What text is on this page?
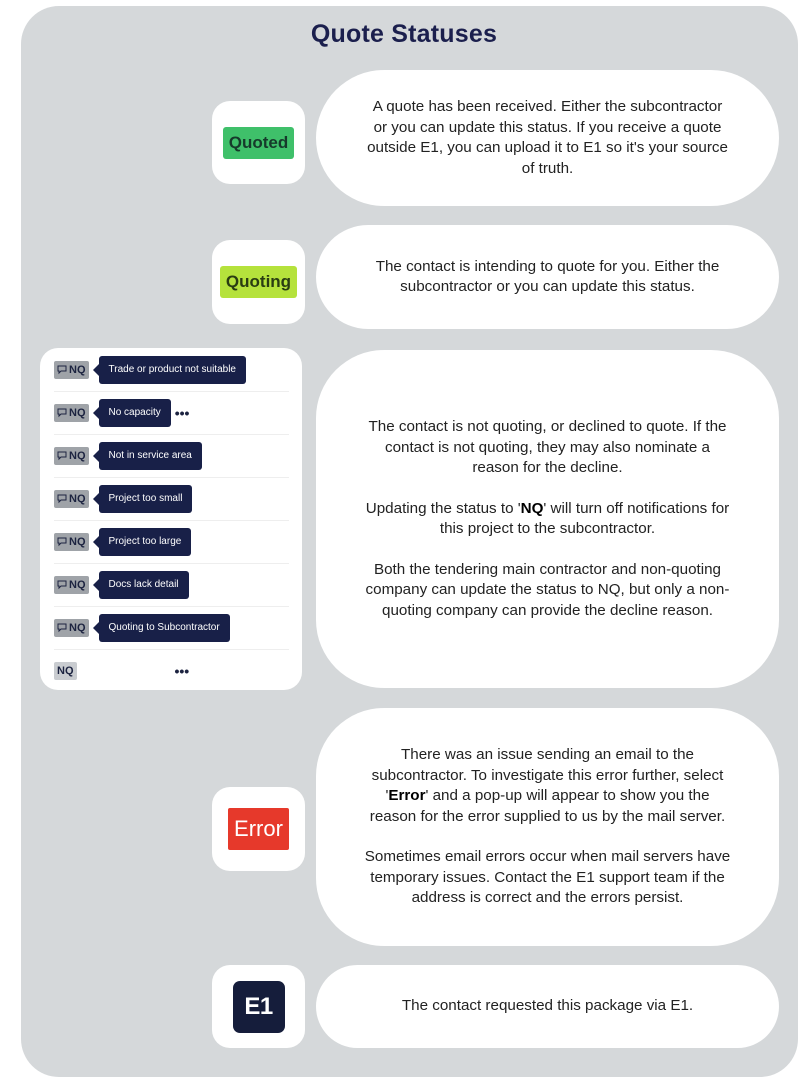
Quote Statuses
Quoted

A quote has been received. Either the subcontractor or you can update this status. If you receive a quote outside E1, you can upload it to E1 so it's your source of truth.

Quoting

The contact is intending to quote for you. Either the subcontractor or you can update this status.

NQ	Trade or product not suitable
NQ	No capacity	•••
NQ	Not in service area
NQ	Project too small
NQ	Project too large
NQ	Docs lack detail
NQ	Quoting to Subcontractor
NQ	•••

The contact is not quoting, or declined to quote. If the contact is not quoting, they may also nominate a reason for the decline.

Updating the status to 'NQ' will turn off notifications for this project to the subcontractor.

Both the tendering main contractor and non-quoting company can update the status to NQ, but only a non-quoting company can provide the decline reason.

Error

There was an issue sending an email to the subcontractor. To investigate this error further, select 'Error' and a pop-up will appear to show you the reason for the error supplied to us by the mail server.

Sometimes email errors occur when mail servers have temporary issues. Contact the E1 support team if the address is correct and the errors persist.

E1	The contact requested this package via E1.
